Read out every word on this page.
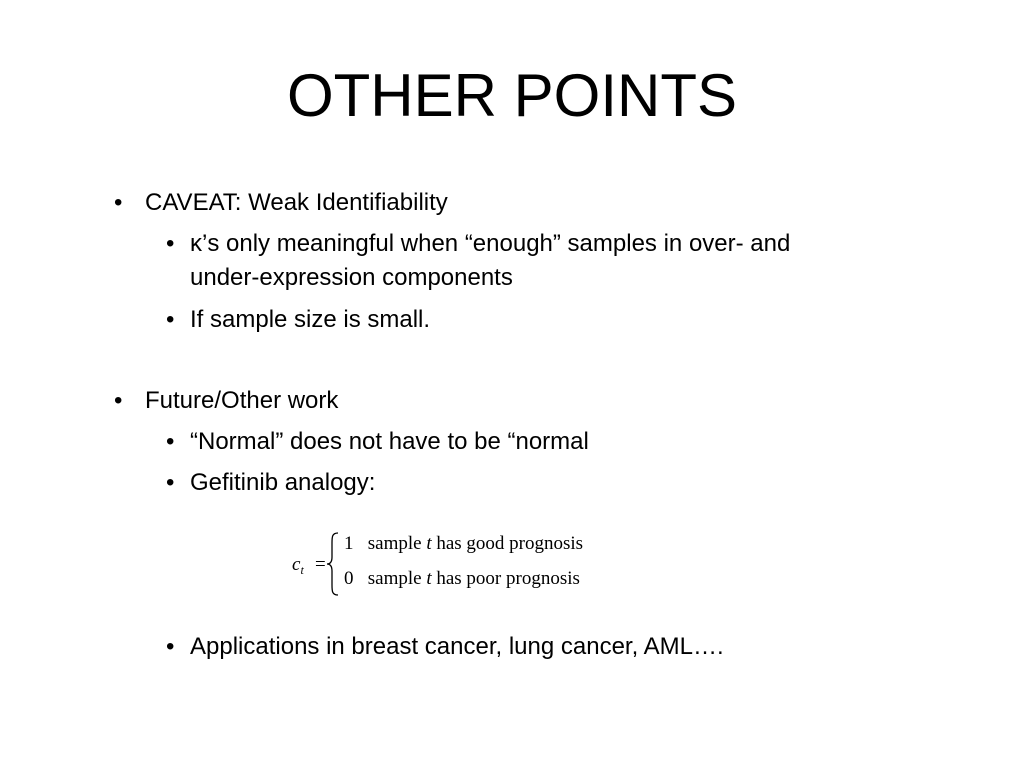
OTHER POINTS
• CAVEAT: Weak Identifiability
• κ’s only meaningful when “enough” samples in over- and
under-expression components
• If sample size is small.
• Future/Other work
• “Normal” does not have to be “normal
• Gefitinib analogy:
$c_t$ =
1 sample t has good prognosis
0 sample t has poor prognosis
• Applications in breast cancer, lung cancer, AML….
